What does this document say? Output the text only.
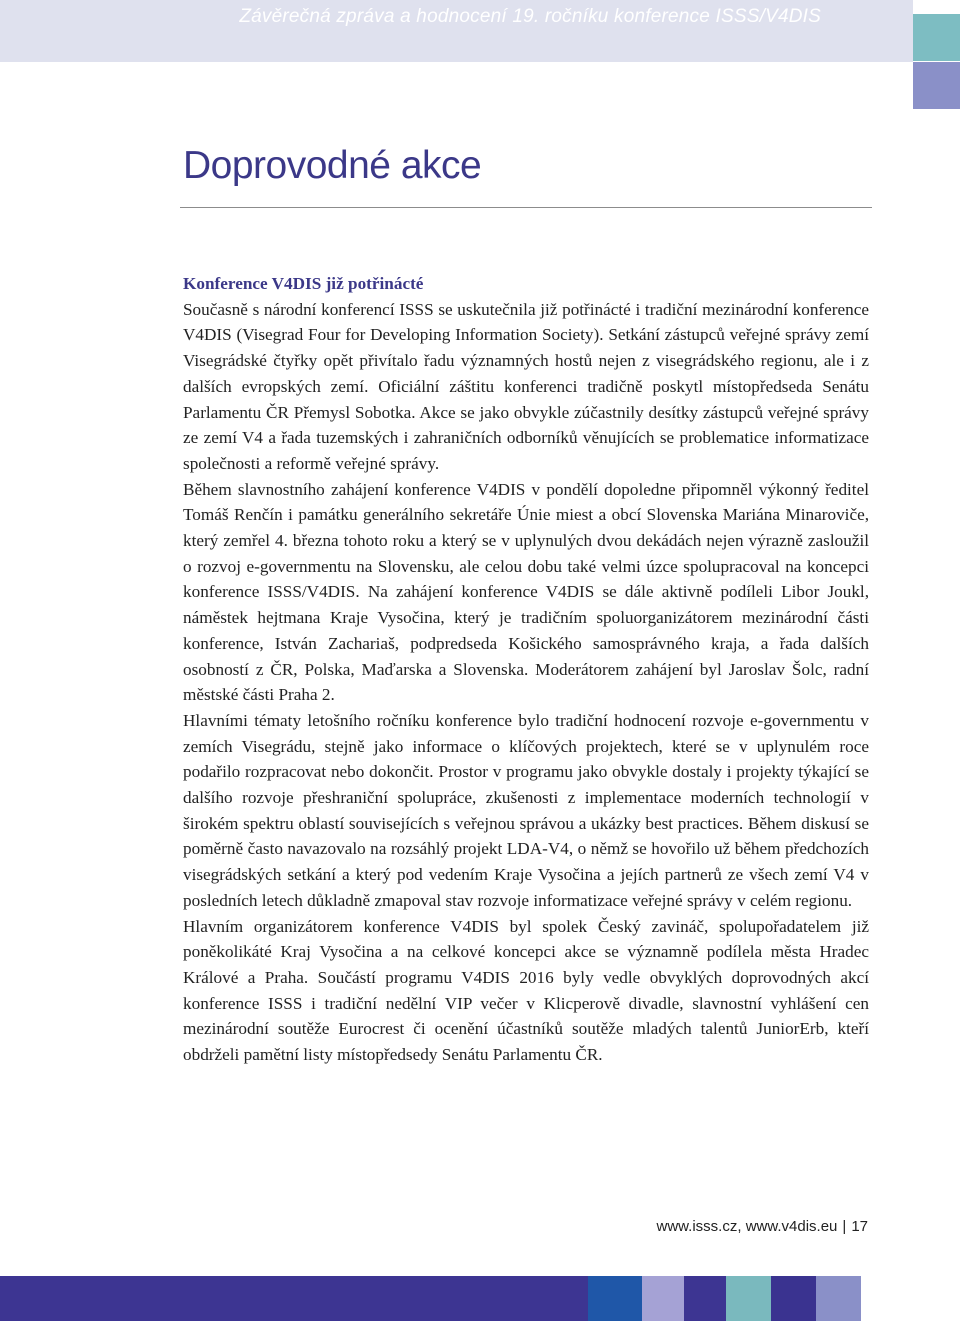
Závěrečná zpráva a hodnocení 19. ročníku konference ISSS/V4DIS
Doprovodné akce

Konference V4DIS již potřinácté

Současně s národní konferencí ISSS se uskutečnila již potřinácté i tradiční mezinárodní konference V4DIS (Visegrad Four for Developing Information Society). Setkání zástupců veřejné správy zemí Visegrádské čtyřky opět přivítalo řadu významných hostů nejen z visegrádského regionu, ale i z dalších evropských zemí. Oficiální záštitu konferenci tradičně poskytl místopředseda Senátu Parlamentu ČR Přemysl Sobotka. Akce se jako obvykle zúčastnily desítky zástupců veřejné správy ze zemí V4 a řada tuzemských i zahraničních odborníků věnujících se problematice informatizace společnosti a reformě veřejné správy.

Během slavnostního zahájení konference V4DIS v pondělí dopoledne připomněl výkonný ředitel Tomáš Renčín i památku generálního sekretáře Únie miest a obcí Slovenska Mariána Minaroviče, který zemřel 4. března tohoto roku a který se v uplynulých dvou dekádách nejen výrazně zasloužil o rozvoj e-governmentu na Slovensku, ale celou dobu také velmi úzce spolupracoval na koncepci konference ISSS/V4DIS. Na zahájení konference V4DIS se dále aktivně podíleli Libor Joukl, náměstek hejtmana Kraje Vysočina, který je tradičním spoluorganizátorem mezinárodní části konference, István Zachariaš, podpredseda Košického samosprávného kraja, a řada dalších osobností z ČR, Polska, Maďarska a Slovenska. Moderátorem zahájení byl Jaroslav Šolc, radní městské části Praha 2.

Hlavními tématy letošního ročníku konference bylo tradiční hodnocení rozvoje e-governmentu v zemích Visegrádu, stejně jako informace o klíčových projektech, které se v uplynulém roce podařilo rozpracovat nebo dokončit. Prostor v programu jako obvykle dostaly i projekty týkající se dalšího rozvoje přeshraniční spolupráce, zkušenosti z implementace moderních technologií v širokém spektru oblastí souvisejících s veřejnou správou a ukázky best practices. Během diskusí se poměrně často navazovalo na rozsáhlý projekt LDA-V4, o němž se hovořilo už během předchozích visegrádských setkání a který pod vedením Kraje Vysočina a jejích partnerů ze všech zemí V4 v posledních letech důkladně zmapoval stav rozvoje informatizace veřejné správy v celém regionu.

Hlavním organizátorem konference V4DIS byl spolek Český zavináč, spolupořadatelem již poněkolikáté Kraj Vysočina a na celkové koncepci akce se významně podílela města Hradec Králové a Praha. Součástí programu V4DIS 2016 byly vedle obvyklých doprovodných akcí konference ISSS i tradiční nedělní VIP večer v Klicperově divadle, slavnostní vyhlášení cen mezinárodní soutěže Eurocrest či ocenění účastníků soutěže mladých talentů JuniorErb, kteří obdrželi pamětní listy místopředsedy Senátu Parlamentu ČR.

www.isss.cz, www.v4dis.eu | 17
